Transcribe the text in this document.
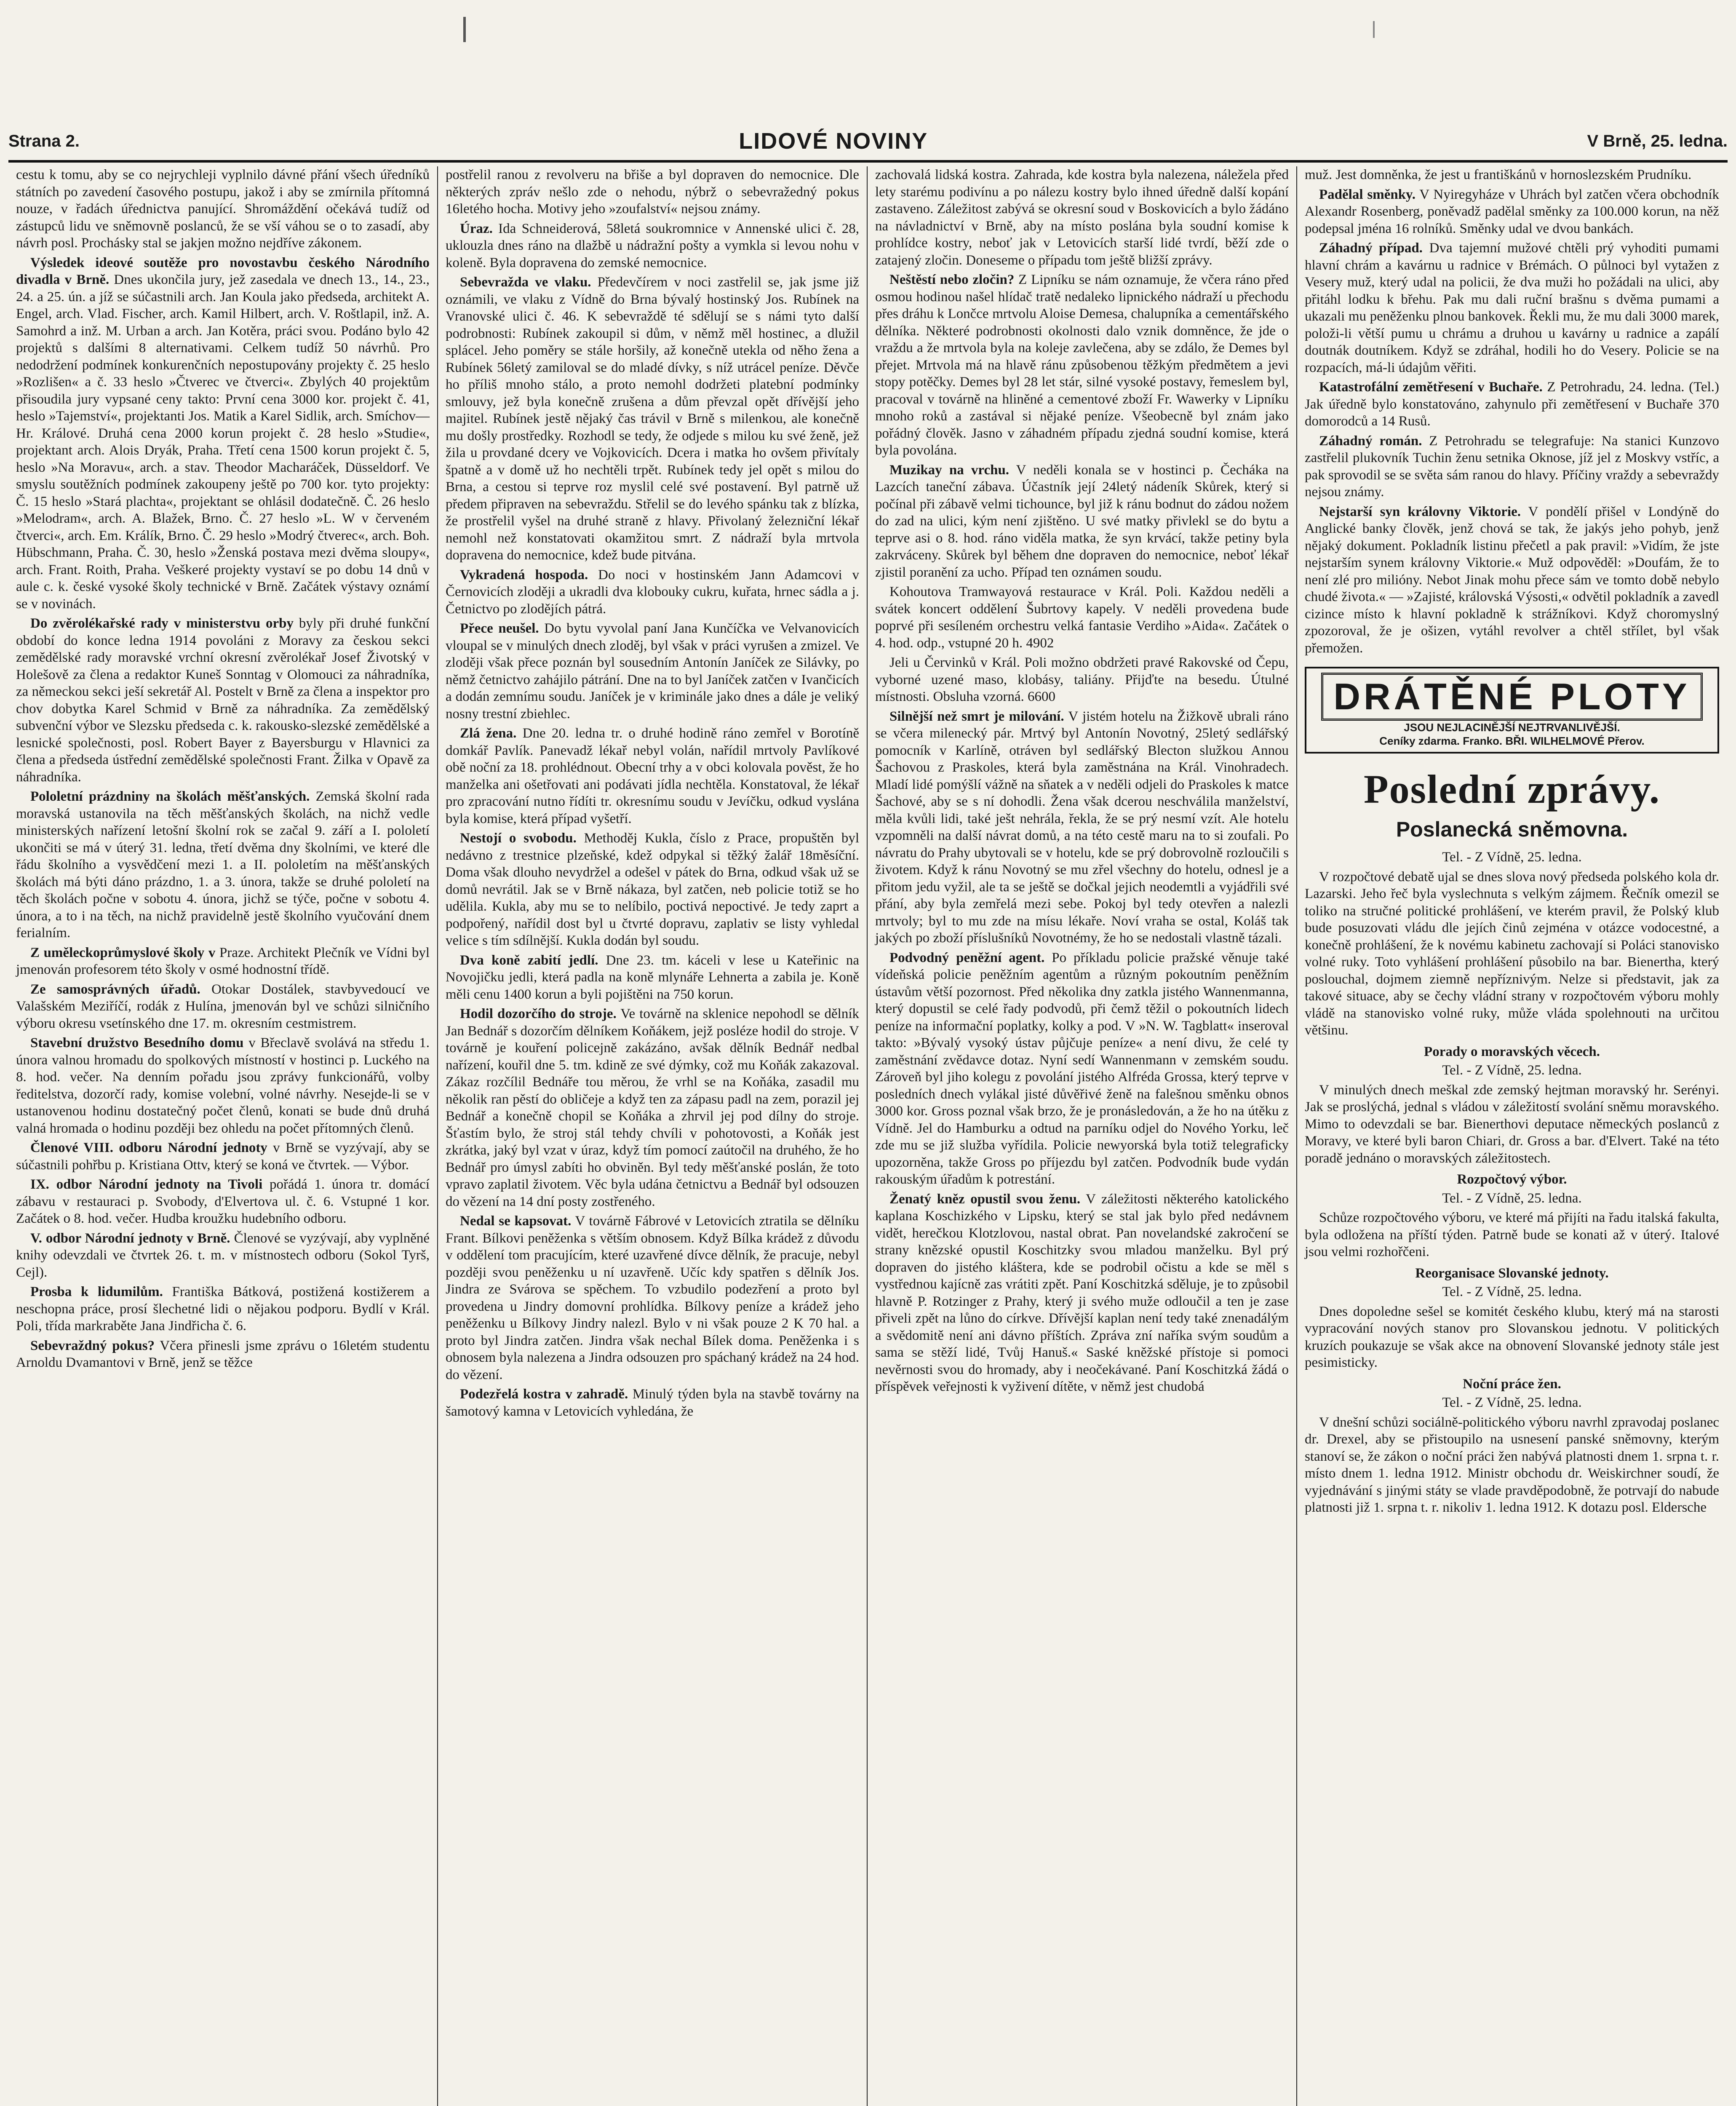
Strana 2.	LIDOVÉ NOVINY	V Brně, 25. ledna.

cestu k tomu, aby se co nejrychleji vyplnilo dávné přání všech úředníků státních po zavedení časového postupu, jakož i aby se zmírnila přítomná nouze, v řadách úřednictva panující. Shromáždění očekává tudíž od zástupců lidu ve sněmovně poslanců, že se vší váhou se o to zasadí, aby návrh posl. Prochásky stal se jakjen možno nejdříve zákonem.

Výsledek ideové soutěže pro novostavbu českého Národního divadla v Brně. Dnes ukončila jury, jež zasedala ve dnech 13., 14., 23., 24. a 25. ún. a jíž se súčastnili arch. Jan Koula jako předseda, architekt A. Engel, arch. Vlad. Fischer, arch. Kamil Hilbert, arch. V. Roštlapil, inž. A. Samohrd a inž. M. Urban a arch. Jan Kotěra, práci svou. Podáno bylo 42 projektů s dalšími 8 alternativami. Celkem tudíž 50 návrhů. Pro nedodržení podmínek konkurenčních nepostupovány projekty č. 25 heslo »Rozlišen« a č. 33 heslo »Čtverec ve čtverci«. Zbylých 40 projektům přisoudila jury vypsané ceny takto: První cena 3000 kor. projekt č. 41, heslo »Tajemství«, projektanti Jos. Matik a Karel Sidlik, arch. Smíchov—Hr. Králové. Druhá cena 2000 korun projekt č. 28 heslo »Studie«, projektant arch. Alois Dryák, Praha. Třetí cena 1500 korun projekt č. 5, heslo »Na Moravu«, arch. a stav. Theodor Macharáček, Düsseldorf. Ve smyslu soutěžních podmínek zakoupeny ještě po 700 kor. tyto projekty: Č. 15 heslo »Stará plachta«, projektant se ohlásil dodatečně. Č. 26 heslo »Melodram«, arch. A. Blažek, Brno. Č. 27 heslo »L. W v červeném čtverci«, arch. Em. Králík, Brno. Č. 29 heslo »Modrý čtverec«, arch. Boh. Hübschmann, Praha. Č. 30, heslo »Ženská postava mezi dvěma sloupy«, arch. Frant. Roith, Praha. Veškeré projekty vystaví se po dobu 14 dnů v aule c. k. české vysoké školy technické v Brně. Začátek výstavy oznámí se v novinách.

Do zvěrolékařské rady v ministerstvu orby byly při druhé funkční období do konce ledna 1914 povoláni z Moravy za českou sekci zemědělské rady moravské vrchní okresní zvěrolékař Josef Životský v Holešově za člena a redaktor Kuneš Sonntag v Olomouci za náhradníka, za německou sekci ješí sekretář Al. Postelt v Brně za člena a inspektor pro chov dobytka Karel Schmid v Brně za náhradníka. Za zemědělský subvenční výbor ve Slezsku předseda c. k. rakousko-slezské zemědělské a lesnické společnosti, posl. Robert Bayer z Bayersburgu v Hlavnici za člena a předseda ústřední zemědělské společnosti Frant. Žilka v Opavě za náhradníka.

Pololetní prázdniny na školách měšťanských. Zemská školní rada moravská ustanovila na těch měšťanských školách, na nichž vedle ministerských nařízení letošní školní rok se začal 9. září a I. pololetí ukončiti se má v úterý 31. ledna, třetí dvěma dny školními, ve které dle řádu školního a vysvědčení mezi 1. a II. pololetím na měšťanských školách má býti dáno prázdno, 1. a 3. února, takže se druhé pololetí na těch školách počne v sobotu 4. února, jichž se týče, počne v sobotu 4. února, a to i na těch, na nichž pravidelně jestě školního vyučování dnem ferialním.

Z uměleckoprůmyslové školy v Praze. Architekt Plečník ve Vídni byl jmenován profesorem této školy v osmé hodnostní třídě.

Ze samosprávných úřadů. Otokar Dostálek, stavbyvedoucí ve Valašském Meziříčí, rodák z Hulína, jmenován byl ve schůzi silničního výboru okresu vsetínského dne 17. m. okresním cestmistrem.

Stavební družstvo Besedního domu v Břeclavě svolává na středu 1. února valnou hromadu do spolkových místností v hostinci p. Luckého na 8. hod. večer. Na denním pořadu jsou zprávy funkcionářů, volby ředitelstva, dozorčí rady, komise volební, volné návrhy. Nesejde-li se v ustanovenou hodinu dostatečný počet členů, konati se bude dnů druhá valná hromada o hodinu později bez ohledu na počet přítomných členů.

Členové VIII. odboru Národní jednoty v Brně se vyzývají, aby se súčastnili pohřbu p. Kristiana Ottv, který se koná ve čtvrtek. — Výbor.

IX. odbor Národní jednoty na Tivoli pořádá 1. února tr. domácí zábavu v restauraci p. Svobody, d'Elvertova ul. č. 6. Vstupné 1 kor. Začátek o 8. hod. večer. Hudba kroužku hudebního odboru.

V. odbor Národní jednoty v Brně. Členové se vyzývají, aby vyplněné knihy odevzdali ve čtvrtek 26. t. m. v místnostech odboru (Sokol Tyrš, Cejl).

Prosba k lidumilům. Františka Bátková, postižená kostižerem a neschopna práce, prosí šlechetné lidi o nějakou podporu. Bydlí v Král. Poli, třída markraběte Jana Jindřicha č. 6.

Sebevraždný pokus? Včera přinesli jsme zprávu o 16letém studentu Arnoldu Dvamantovi v Brně, jenž se těžce

postřelil ranou z revolveru na břiše a byl dopraven do nemocnice. Dle některých zpráv nešlo zde o nehodu, nýbrž o sebevražedný pokus 16letého hocha. Motivy jeho »zoufalství« nejsou známy.

Úraz. Ida Schneiderová, 58letá soukromnice v Annenské ulici č. 28, uklouzla dnes ráno na dlažbě u nádražní pošty a vymkla si levou nohu v koleně. Byla dopravena do zemské nemocnice.

Sebevražda ve vlaku. Předevčírem v noci zastřelil se, jak jsme již oznámili, ve vlaku z Vídně do Brna bývalý hostinský Jos. Rubínek na Vranovské ulici č. 46. K sebevraždě té sdělují se s námi tyto další podrobnosti: Rubínek zakoupil si dům, v němž měl hostinec, a dlužil splácel. Jeho poměry se stále horšily, až konečně utekla od něho žena a Rubínek 56letý zamiloval se do mladé dívky, s níž utrácel peníze. Děvče ho příliš mnoho stálo, a proto nemohl dodržeti platební podmínky smlouvy, jež byla konečně zrušena a dům převzal opět dřívější jeho majitel. Rubínek jestě nějaký čas trávil v Brně s milenkou, ale konečně mu došly prostředky. Rozhodl se tedy, že odjede s milou ku své ženě, jež žila u provdané dcery ve Vojkovicích. Dcera i matka ho ovšem přivítaly špatně a v domě už ho nechtěli trpět. Rubínek tedy jel opět s milou do Brna, a cestou si teprve roz myslil celé své postavení. Byl patrně už předem připraven na sebevraždu. Střelil se do levého spánku tak z blízka, že prostřelil vyšel na druhé straně z hlavy. Přivolaný železniční lékař nemohl než konstatovati okamžitou smrt. Z nádraží byla mrtvola dopravena do nemocnice, kdež bude pitvána.

Vykradená hospoda. Do noci v hostinském Jann Adamcovi v Černovicích zloději a ukradli dva klobouky cukru, kuřata, hrnec sádla a j. Četnictvo po zlodějích pátrá.

Přece neušel. Do bytu vyvolal paní Jana Kunčíčka ve Velvanovicích vloupal se v minulých dnech zloděj, byl však v práci vyrušen a zmizel. Ve zloději však přece poznán byl sousedním Antonín Janíček ze Silávky, po němž četnictvo zahájilo pátrání. Dne na to byl Janíček zatčen v Ivančicích a dodán zemnímu soudu. Janíček je v kriminále jako dnes a dále je veliký nosny trestní zbiehlec.

Zlá žena. Dne 20. ledna tr. o druhé hodině ráno zemřel v Borotíně domkář Pavlík. Panevadž lékař nebyl volán, nařídil mrtvoly Pavlíkové obě noční za 18. prohlédnout. Obecní trhy a v obci kolovala pověst, že ho manželka ani ošetřovati ani podávati jídla nechtěla. Konstatoval, že lékař pro zpracování nutno řídíti tr. okresnímu soudu v Jevíčku, odkud vyslána byla komise, která případ vyšetří.

Nestojí o svobodu. Methoděj Kukla, číslo z Prace, propuštěn byl nedávno z trestnice plzeňské, kdež odpykal si těžký žalář 18měsíční. Doma však dlouho nevydržel a odešel v pátek do Brna, odkud však už se domů nevrátil. Jak se v Brně nákaza, byl zatčen, neb policie totiž se ho udělila. Kukla, aby mu se to nelíbilo, poctivá nepoctivé. Je tedy zaprt a podpořený, nařídil dost byl u čtvrté dopravu, zaplativ se listy vyhledal velice s tím sdílnější. Kukla dodán byl soudu.

Dva koně zabití jedlí. Dne 23. tm. káceli v lese u Kateřinic na Novojičku jedli, která padla na koně mlynáře Lehnerta a zabila je. Koně měli cenu 1400 korun a byli pojištěni na 750 korun.

Hodil dozorčího do stroje. Ve továrně na sklenice nepohodl se dělník Jan Bednář s dozorčím dělníkem Koňákem, jejž posléze hodil do stroje. V továrně je kouření policejně zakázáno, avšak dělník Bednář nedbal nařízení, kouřil dne 5. tm. kdině ze své dýmky, což mu Koňák zakazoval. Zákaz rozčílil Bednáře tou měrou, že vrhl se na Koňáka, zasadil mu několik ran pěstí do obličeje a když ten za zápasu padl na zem, porazil jej Bednář a konečně chopil se Koňáka a zhrvil jej pod dílny do stroje. Šťastím bylo, že stroj stál tehdy chvíli v pohotovosti, a Koňák jest zkrátka, jaký byl vzat v úraz, když tím pomocí zaútočil na druhého, že ho Bednář pro úmysl zabíti ho obviněn. Byl tedy měšťanské poslán, že toto vpravo zaplatil životem. Věc byla udána četnictvu a Bednář byl odsouzen do vězení na 14 dní posty zostřeného.

Nedal se kapsovat. V továrně Fábrové v Letovicích ztratila se dělníku Frant. Bílkovi peněženka s větším obnosem. Když Bílka krádež z důvodu v oddělení tom pracujícím, které uzavřené dívce dělník, že pracuje, nebyl později svou peněženku u ní uzavřeně. Učíc kdy spatřen s dělník Jos. Jindra ze Svárova se spěchem. To vzbudilo podezření a proto byl provedena u Jindry domovní prohlídka. Bílkovy peníze a krádež jeho peněženku u Bílkovy Jindry nalezl. Bylo v ni však pouze 2 K 70 hal. a proto byl Jindra zatčen. Jindra však nechal Bílek doma. Peněženka i s obnosem byla nalezena a Jindra odsouzen pro spáchaný krádež na 24 hod. do vězení.

Podezřelá kostra v zahradě. Minulý týden byla na stavbě továrny na šamotový kamna v Letovicích vyhledána, že

zachovalá lidská kostra. Zahrada, kde kostra byla nalezena, náležela před lety starému podivínu a po nálezu kostry bylo ihned úředně další kopání zastaveno. Záležitost zabývá se okresní soud v Boskovicích a bylo žádáno na návladnictví v Brně, aby na místo poslána byla soudní komise k prohlídce kostry, neboť jak v Letovicích starší lidé tvrdí, běží zde o zatajený zločin. Doneseme o případu tom ještě bližší zprávy.

Neštěstí nebo zločin? Z Lipníku se nám oznamuje, že včera ráno před osmou hodinou našel hlídač tratě nedaleko lipnického nádraží u přechodu přes dráhu k Lončce mrtvolu Aloise Demesa, chalupníka a cementářského dělníka. Některé podrobnosti okolnosti dalo vznik domněnce, že jde o vraždu a že mrtvola byla na koleje zavlečena, aby se zdálo, že Demes byl přejet. Mrtvola má na hlavě ránu způsobenou těžkým předmětem a jevi stopy potěčky. Demes byl 28 let stár, silné vysoké postavy, řemeslem byl, pracoval v továrně na hliněné a cementové zboží Fr. Wawerky v Lipníku mnoho roků a zastával si nějaké peníze. Všeobecně byl znám jako pořádný člověk. Jasno v záhadném případu zjedná soudní komise, která byla povolána.

Muzikay na vrchu. V neděli konala se v hostinci p. Čecháka na Lazcích taneční zábava. Účastník její 24letý nádeník Skůrek, který si počínal při zábavě velmi tichounce, byl již k ránu bodnut do zádou nožem do zad na ulici, kým není zjištěno. U své matky přivlekl se do bytu a teprve asi o 8. hod. ráno viděla matka, že syn krvácí, takže petiny byla zakrváceny. Skůrek byl během dne dopraven do nemocnice, neboť lékař zjistil poranění za ucho. Případ ten oznámen soudu.

Kohoutova Tramwayová restaurace v Král. Poli. Každou neděli a svátek koncert oddělení Šubrtovy kapely. V neděli provedena bude poprvé při sesíleném orchestru velká fantasie Verdiho »Aida«. Začátek o 4. hod. odp., vstupné 20 h. 4902

Jeli u Červinků v Král. Poli možno obdržeti pravé Rakovské od Čepu, vyborné uzené maso, klobásy, taliány. Přijďte na besedu. Útulné místnosti. Obsluha vzorná. 6600

Silnější než smrt je milování. V jistém hotelu na Žižkově ubrali ráno se včera milenecký pár. Mrtvý byl Antonín Novotný, 25letý sedlářský pomocník v Karlíně, otráven byl sedlářský Blecton služkou Annou Šachovou z Praskoles, která byla zaměstnána na Král. Vinohradech. Mladí lidé pomýšlí vážně na sňatek a v neděli odjeli do Praskoles k matce Šachové, aby se s ní dohodli. Žena však dcerou neschválila manželství, měla kvůli lidi, také ješt nehrála, řekla, že se prý nesmí vzít. Ale hotelu vzpomněli na další návrat domů, a na této cestě maru na to si zoufali. Po návratu do Prahy ubytovali se v hotelu, kde se prý dobrovolně rozloučili s životem. Když k ránu Novotný se mu zřel všechny do hotelu, odnesl je a přitom jedu vyžil, ale ta se ještě se dočkal jejich neodemtli a vyjádřili své přání, aby byla zemřelá mezi sebe. Pokoj byl tedy otevřen a nalezli mrtvoly; byl to mu zde na mísu lékaře. Noví vraha se ostal, Koláš tak jakých po zboží příslušníků Novotnémy, že ho se nedostali vlastně tázali.

Podvodný peněžní agent. Po příkladu policie pražské věnuje také vídeňská policie peněžním agentům a různým pokoutním peněžním ústavům větší pozornost. Před několika dny zatkla jistého Wannenmanna, který dopustil se celé řady podvodů, při čemž těžil o pokoutních lidech peníze na informační poplatky, kolky a pod. V »N. W. Tagblatt« inseroval takto: »Bývalý vysoký ústav půjčuje peníze« a není divu, že celé ty zaměstnání zvědavce dotaz. Nyní sedí Wannenmann v zemském soudu. Zároveň byl jiho kolegu z povolání jistého Alfréda Grossa, který teprve v posledních dnech vylákal jisté důvěřivé ženě na falešnou směnku obnos 3000 kor. Gross poznal však brzo, že je pronásledován, a že ho na útěku z Vídně. Jel do Hamburku a odtud na parníku odjel do Nového Yorku, leč zde mu se již služba vyřídila. Policie newyorská byla totiž telegraficky upozorněna, takže Gross po příjezdu byl zatčen. Podvodník bude vydán rakouským úřadům k potrestání.

Ženatý kněz opustil svou ženu. V záležitosti některého katolického kaplana Koschizkého v Lipsku, který se stal jak bylo před nedávnem vidět, herečkou Klotzlovou, nastal obrat. Pan novelandské zakročení se strany knězské opustil Koschitzky svou mladou manželku. Byl prý dopraven do jistého kláštera, kde se podrobil očistu a kde se měl s vystřednou kajícně zas vrátiti zpět. Paní Koschitzká sděluje, je to způsobil hlavně P. Rotzinger z Prahy, který ji svého muže odloučil a ten je zase přiveli zpět na lůno do církve. Dřívější kaplan není tedy také znenadálým a svědomitě není ani dávno příštích. Zpráva zní naříka svým soudům a sama se stěží lidé, Tvůj Hanuš.« Saské kněžské přístoje si pomoci nevěrnosti svou do hromady, aby i neočekávané. Paní Koschitzká žádá o příspěvek veřejnosti k vyživení dítěte, v němž jest chudobá

muž. Jest domněnka, že jest u františkánů v hornoslezském Prudníku.

Padělal směnky. V Nyiregyháze v Uhrách byl zatčen včera obchodník Alexandr Rosenberg, poněvadž padělal směnky za 100.000 korun, na něž podepsal jména 16 rolníků. Směnky udal ve dvou bankách.

Záhadný případ. Dva tajemní mužové chtěli prý vyhoditi pumami hlavní chrám a kavárnu u radnice v Brémách. O půlnoci byl vytažen z Vesery muž, který udal na policii, že dva muži ho požádali na ulici, aby přitáhl lodku k břehu. Pak mu dali ruční brašnu s dvěma pumami a ukazali mu peněženku plnou bankovek. Řekli mu, že mu dali 3000 marek, položi-li větší pumu u chrámu a druhou u kavárny u radnice a zapálí doutnák doutníkem. Když se zdráhal, hodili ho do Vesery. Policie se na rozpacích, má-li údajům věřiti.

Katastrofální zemětřesení v Buchaře. Z Petrohradu, 24. ledna. (Tel.) Jak úředně bylo konstatováno, zahynulo při zemětřesení v Buchaře 370 domorodců a 14 Rusů.

Záhadný román. Z Petrohradu se telegrafuje: Na stanici Kunzovo zastřelil plukovník Tuchin ženu setnika Oknose, jíž jel z Moskvy vstříc, a pak sprovodil se se světa sám ranou do hlavy. Příčiny vraždy a sebevraždy nejsou známy.

Nejstarší syn královny Viktorie. V pondělí přišel v Londýně do Anglické banky člověk, jenž chová se tak, že jakýs jeho pohyb, jenž nějaký dokument. Pokladník listinu přečetl a pak pravil: »Vidím, že jste nejstarším synem královny Viktorie.« Muž odpověděl: »Doufám, že to není zlé pro milióny. Nebot Jinak mohu přece sám ve tomto době nebylo chudé života.« — »Zajisté, královská Výsosti,« odvětil pokladník a zavedl cizince místo k hlavní pokladně k strážníkovi. Když choromyslný zpozoroval, že je ošizen, vytáhl revolver a chtěl střílet, byl však přemožen.

DRÁTĚNÉ PLOTY
JSOU NEJLACINĚJŠÍ NEJTRVANLIVĚJŠÍ.
Ceníky zdarma. Franko. BŘI. WILHELMOVÉ Přerov.
Poslední zprávy.
Poslanecká sněmovna.

Tel. - Z Vídně, 25. ledna.

V rozpočtové debatě ujal se dnes slova nový předseda polského kola dr. Lazarski. Jeho řeč byla vyslechnuta s velkým zájmem. Řečník omezil se toliko na stručné politické prohlášení, ve kterém pravil, že Polský klub bude posuzovati vládu dle jejích činů zejména v otázce vodocestné, a konečně prohlášení, že k novému kabinetu zachovají si Poláci stanovisko volné ruky. Toto vyhlášení prohlášení působilo na bar. Bienertha, který poslouchal, dojmem ziemně nepříznivým. Nelze si představit, jak za takové situace, aby se čechy vládní strany v rozpočtovém výboru mohly vládě na stanovisko volné ruky, může vláda spolehnouti na určitou většinu.

Porady o moravských věcech.

Tel. - Z Vídně, 25. ledna.

V minulých dnech meškal zde zemský hejtman moravský hr. Serényi. Jak se proslýchá, jednal s vládou v záležitostí svolání sněmu moravského. Mimo to odevzdali se bar. Bienerthovi deputace německých poslanců z Moravy, ve které byli baron Chiari, dr. Gross a bar. d'Elvert. Také na této poradě jednáno o moravských záležitostech.

Rozpočtový výbor.

Tel. - Z Vídně, 25. ledna.

Schůze rozpočtového výboru, ve které má přijíti na řadu italská fakulta, byla odložena na příští týden. Patrně bude se konati až v úterý. Italové jsou velmi rozhořčeni.

Reorganisace Slovanské jednoty.

Tel. - Z Vídně, 25. ledna.

Dnes dopoledne sešel se komitét českého klubu, který má na starosti vypracování nových stanov pro Slovanskou jednotu. V politických kruzích poukazuje se však akce na obnovení Slovanské jednoty stále jest pesimisticky.

Noční práce žen.

Tel. - Z Vídně, 25. ledna.

V dnešní schůzi sociálně-politického výboru navrhl zpravodaj poslanec dr. Drexel, aby se přistoupilo na usnesení panské sněmovny, kterým stanoví se, že zákon o noční práci žen nabývá platnosti dnem 1. srpna t. r. místo dnem 1. ledna 1912. Ministr obchodu dr. Weiskirchner soudí, že vyjednávání s jinými státy se vlade pravděpodobně, že potrvají do nabude platnosti již 1. srpna t. r. nikoliv 1. ledna 1912. K dotazu posl. Eldersche
